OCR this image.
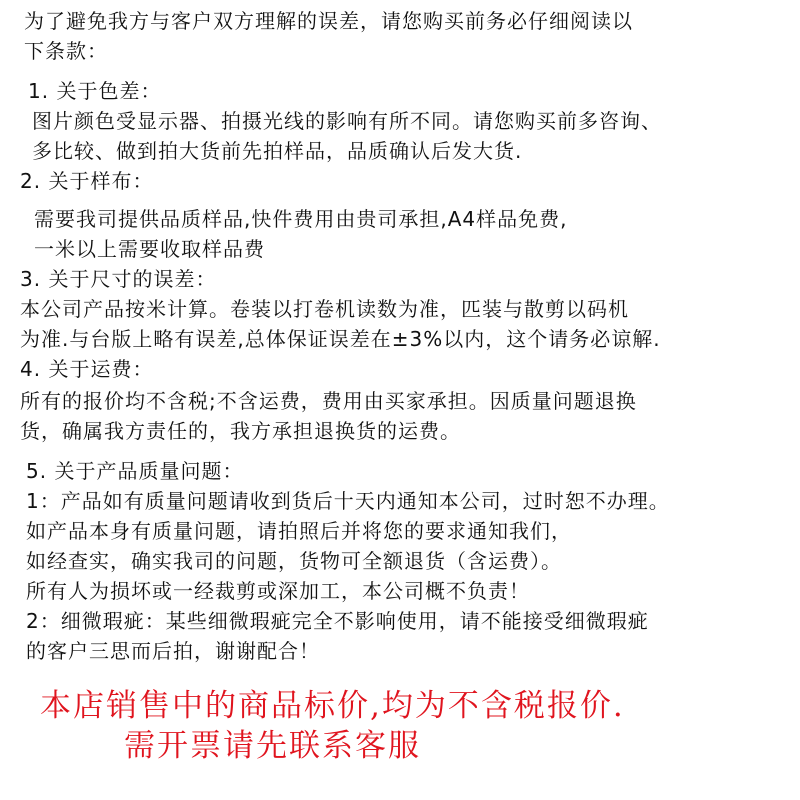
为了避免我方与客户双方理解的误差，请您购买前务必仔细阅读以
下条款：
1. 关于色差：
图片颜色受显示器、拍摄光线的影响有所不同。请您购买前多咨询、
多比较、做到拍大货前先拍样品，品质确认后发大货.
2. 关于样布：
需要我司提供品质样品,快件费用由贵司承担,A4样品免费,
一米以上需要收取样品费
3. 关于尺寸的误差：
本公司产品按米计算。卷装以打卷机读数为准，匹装与散剪以码机
为准.与台版上略有误差,总体保证误差在±3%以内，这个请务必谅解.
4. 关于运费：
所有的报价均不含税;不含运费，费用由买家承担。因质量问题退换
货，确属我方责任的，我方承担退换货的运费。
5. 关于产品质量问题：
1：产品如有质量问题请收到货后十天内通知本公司，过时恕不办理。
如产品本身有质量问题，请拍照后并将您的要求通知我们，
如经查实，确实我司的问题，货物可全额退货（含运费）。
所有人为损坏或一经裁剪或深加工，本公司概不负责！
2：细微瑕疵：某些细微瑕疵完全不影响使用，请不能接受细微瑕疵
的客户三思而后拍，谢谢配合！
本店销售中的商品标价,均为不含税报价.
需开票请先联系客服
